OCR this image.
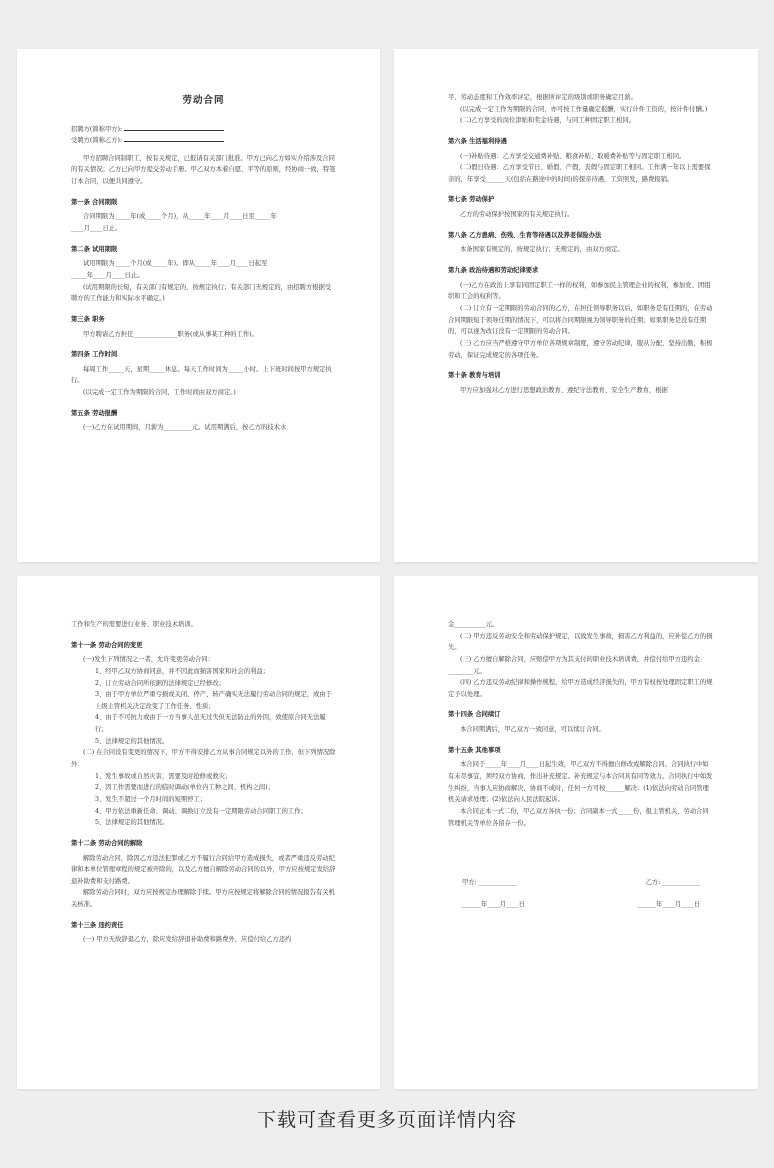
劳动合同

招聘方(简称甲方):

受聘方(简称乙方):

甲方招聘合同制职工，按有关规定，已报请有关部门批准。甲方已向乙方如实介绍涉及合同的有关情况；乙方已向甲方提交劳动手册。甲乙双方本着自愿、平等的原则，经协商一致，特签订本合同，以便共同遵守。

第一条 合同期限

合同期限为_____年(或_____个月)，从_____年____月____日至_____年

____月____日止。

第二条 试用期限

试用期限为_____个月(或_____年)。即从_____年____月____日起至

_____年____月____日止。

(试用期限的长短，有关部门有规定的，按规定执行；有关部门无规定的，由招聘方根据受聘方的工作能力和实际水平确定。)

第三条 职务

甲方聘请乙方担任______________职务(或从事某工种的工作)。

第四条 工作时间

每周工作_____天，星期_____休息。每天工作时间为_____小时。上下班时间按甲方规定执行。

(以完成一定工作为期限的合同，工作时间由双方商定。)

第五条 劳动报酬

(一)乙方在试用期间，月薪为_________元。试用期满后，按乙方的技术水

平、劳动态度和工作效率评定，根据所评定的级别或职务确定月薪。

(以完成一定工作为期限的合同，亦可按工作量确定报酬，实行计件工资的，按计件付酬。)

(二)乙方享受的岗位津贴和奖金待遇，与同工种固定职工相同。

第六条 生活福利待遇

(一)补贴待遇：乙方享受交通费补贴、粮食补贴、取暖费补贴等与固定职工相同。

(二)假日待遇：乙方享受节日、婚假、产假、丧假与固定职工相同。工作满一年以上需要探亲的，年享受______天(包括在路途中的时间)的探亲待遇，工资照发，路费报销。

第七条 劳动保护

乙方的劳动保护按国家的有关规定执行。

第八条 乙方患病、伤残、生育等待遇以及养老保险办法

本条国家有规定的，按规定执行；无规定的，由双方商定。

第九条 政治待遇和劳动纪律要求

(一)乙方在政治上享有同固定职工一样的权利，如参加民主管理企业的权利，参加党、团组织和工会的权利等。

(二) 订立有一定期限的劳动合同的乙方，在担任领导职务以后，如职务是有任期的，在劳动合同期限短于领导任期的情况下，可以将合同期限视为领导职务的任期；如果职务是没有任期的，可以视为改订没有一定期限的劳动合同。

(三) 乙方应当严格遵守甲方单位各项规章制度，遵守劳动纪律，服从分配，坚持出勤，积极劳动，保证完成规定的各项任务。

第十条 教育与培训

甲方应加强对乙方进行思想政治教育、遵纪守法教育、安全生产教育，根据

工作和生产的需要进行业务、职业技术培训。

第十一条 劳动合同的变更

(一)发生下列情况之一者，允许变更劳动合同：

1、经甲乙双方协商同意，并不因此而损害国家和社会的利益；

2、订立劳动合同所依据的法律规定已经修改；

3、由于甲方单位严重亏损或关闭、停产、转产确实无法履行劳动合同的规定，或由于上级主管机关决定改变了工作任务、性质；

4、由于不可抗力或由于一方当事人虽无过失但无法防止的外因，致使原合同无法履行；

5、法律规定的其他情况。

(二) 在合同没有变更的情况下，甲方不得安排乙方从事合同规定以外的工作，但下列情况除外：

1、发生事故或自然灾害，需要及时抢修或救灾；

2、因工作需要而进行的临时调动(单位内工种之间、机构之间)；

3、发生不超过一个月时间的短期停工；

4、甲方依法重新任命、调动、调换订立没有一定期限劳动合同职工的工作；

5、法律规定的其他情况。

第十二条 劳动合同的解除

解除劳动合同，除因乙方违法犯罪或乙方不履行合同给甲方造成损失，或者严重违反劳动纪律和本单位管理章程的规定被开除的，以及乙方擅自解除劳动合同的以外，甲方应按规定发给辞退补助费和支付路费。

解除劳动合同时，双方应按规定办理解除手续。甲方应按规定将解除合同的情况报告有关机关核准。

第十三条 违约责任

(一) 甲方无故辞退乙方，除应发给辞退补助费和路费外，应偿付给乙方违约

金__________元。

(二) 甲方违反劳动安全和劳动保护规定，以致发生事故，损害乙方利益的，应补偿乙方的损失。

(三) 乙方擅自解除合同，应赔偿甲方为其支付的职业技术培训费，并偿付给甲方违约金________元。

(四) 乙方违反劳动纪律和操作规程，给甲方造成经济损失的，甲方有权按处理固定职工的规定予以处理。

第十四条 合同续订

本合同期满后，甲乙双方一致同意，可以续订合同。

第十五条 其他事项

本合同于_____年____月____日起生效，甲乙双方不得擅自修改或解除合同。合同执行中如有未尽事宜，须经双方协商，作出补充规定。补充规定与本合同具有同等效力。合同执行中如发生纠纷，当事人应协商解决，协商不成时，任何一方可按______解决：(1)依法向劳动合同管理机关请求处理；(2)依法向人民法院起诉。

本合同正本一式二份，甲乙双方各执一份；合同副本一式_____份，报主管机关、劳动合同管理机关等单位各留存一份。

甲方: ____________	乙方: ____________
______年____月____日	______年____月____日
下载可查看更多页面详情内容
